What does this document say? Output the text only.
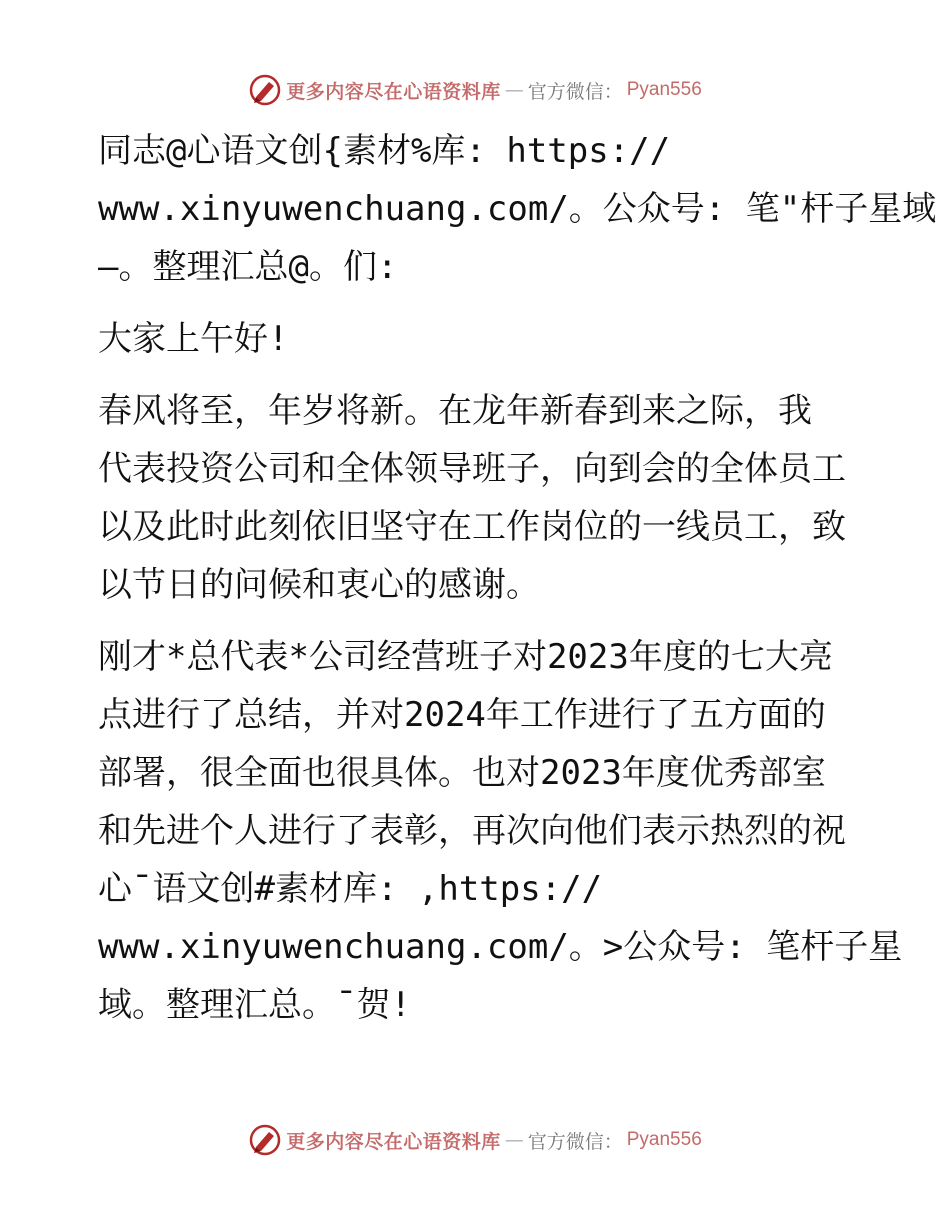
更多内容尽在心语资料库 — 官方微信： Pyan556
同志@心语文创{素材%库: https://
www.xinyuwenchuang.com/。公众号: 笔"杆子星域
—。整理汇总@。们:
大家上午好!
春风将至，年岁将新。在龙年新春到来之际，我
代表投资公司和全体领导班子，向到会的全体员工
以及此时此刻依旧坚守在工作岗位的一线员工，致
以节日的问候和衷心的感谢。
刚才*总代表*公司经营班子对2023年度的七大亮
点进行了总结，并对2024年工作进行了五方面的
部署，很全面也很具体。也对2023年度优秀部室
和先进个人进行了表彰，再次向他们表示热烈的祝
心¯语文创#素材库: ,https://
www.xinyuwenchuang.com/。>公众号: 笔杆子星
域。整理汇总。¯贺!
更多内容尽在心语资料库 — 官方微信： Pyan556
